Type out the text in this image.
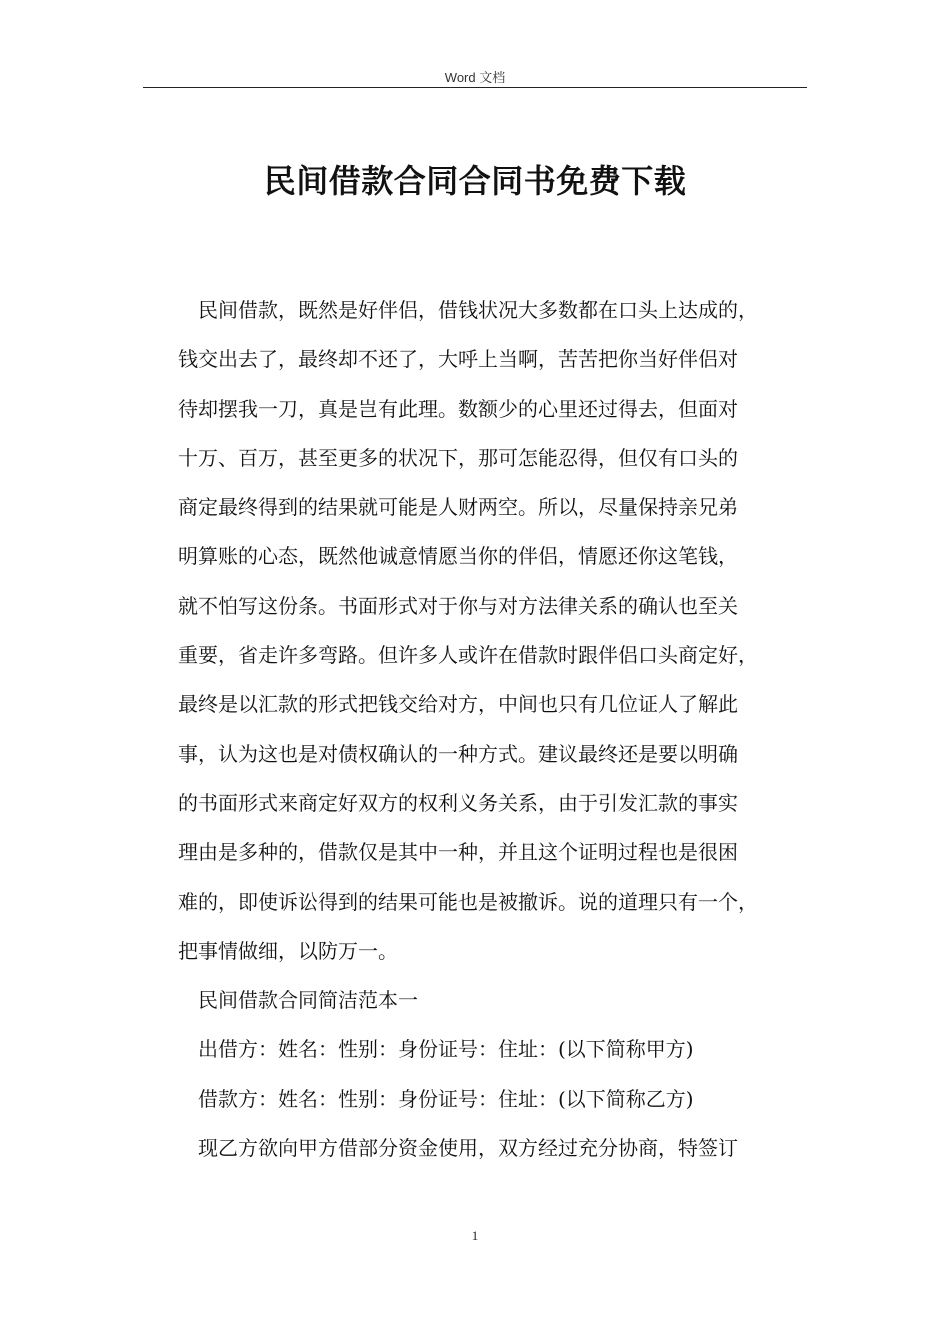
Word 文档
民间借款合同合同书免费下载
民间借款，既然是好伴侣，借钱状况大多数都在口头上达成的，
钱交出去了，最终却不还了，大呼上当啊，苦苦把你当好伴侣对
待却摆我一刀，真是岂有此理。数额少的心里还过得去，但面对
十万、百万，甚至更多的状况下，那可怎能忍得，但仅有口头的
商定最终得到的结果就可能是人财两空。所以，尽量保持亲兄弟
明算账的心态，既然他诚意情愿当你的伴侣，情愿还你这笔钱，
就不怕写这份条。书面形式对于你与对方法律关系的确认也至关
重要，省走许多弯路。但许多人或许在借款时跟伴侣口头商定好，
最终是以汇款的形式把钱交给对方，中间也只有几位证人了解此
事，认为这也是对债权确认的一种方式。建议最终还是要以明确
的书面形式来商定好双方的权利义务关系，由于引发汇款的事实
理由是多种的，借款仅是其中一种，并且这个证明过程也是很困
难的，即使诉讼得到的结果可能也是被撤诉。说的道理只有一个，
把事情做细，以防万一。
民间借款合同简洁范本一
出借方：姓名：性别：身份证号：住址：(以下简称甲方)
借款方：姓名：性别：身份证号：住址：(以下简称乙方)
现乙方欲向甲方借部分资金使用，双方经过充分协商，特签订
1
